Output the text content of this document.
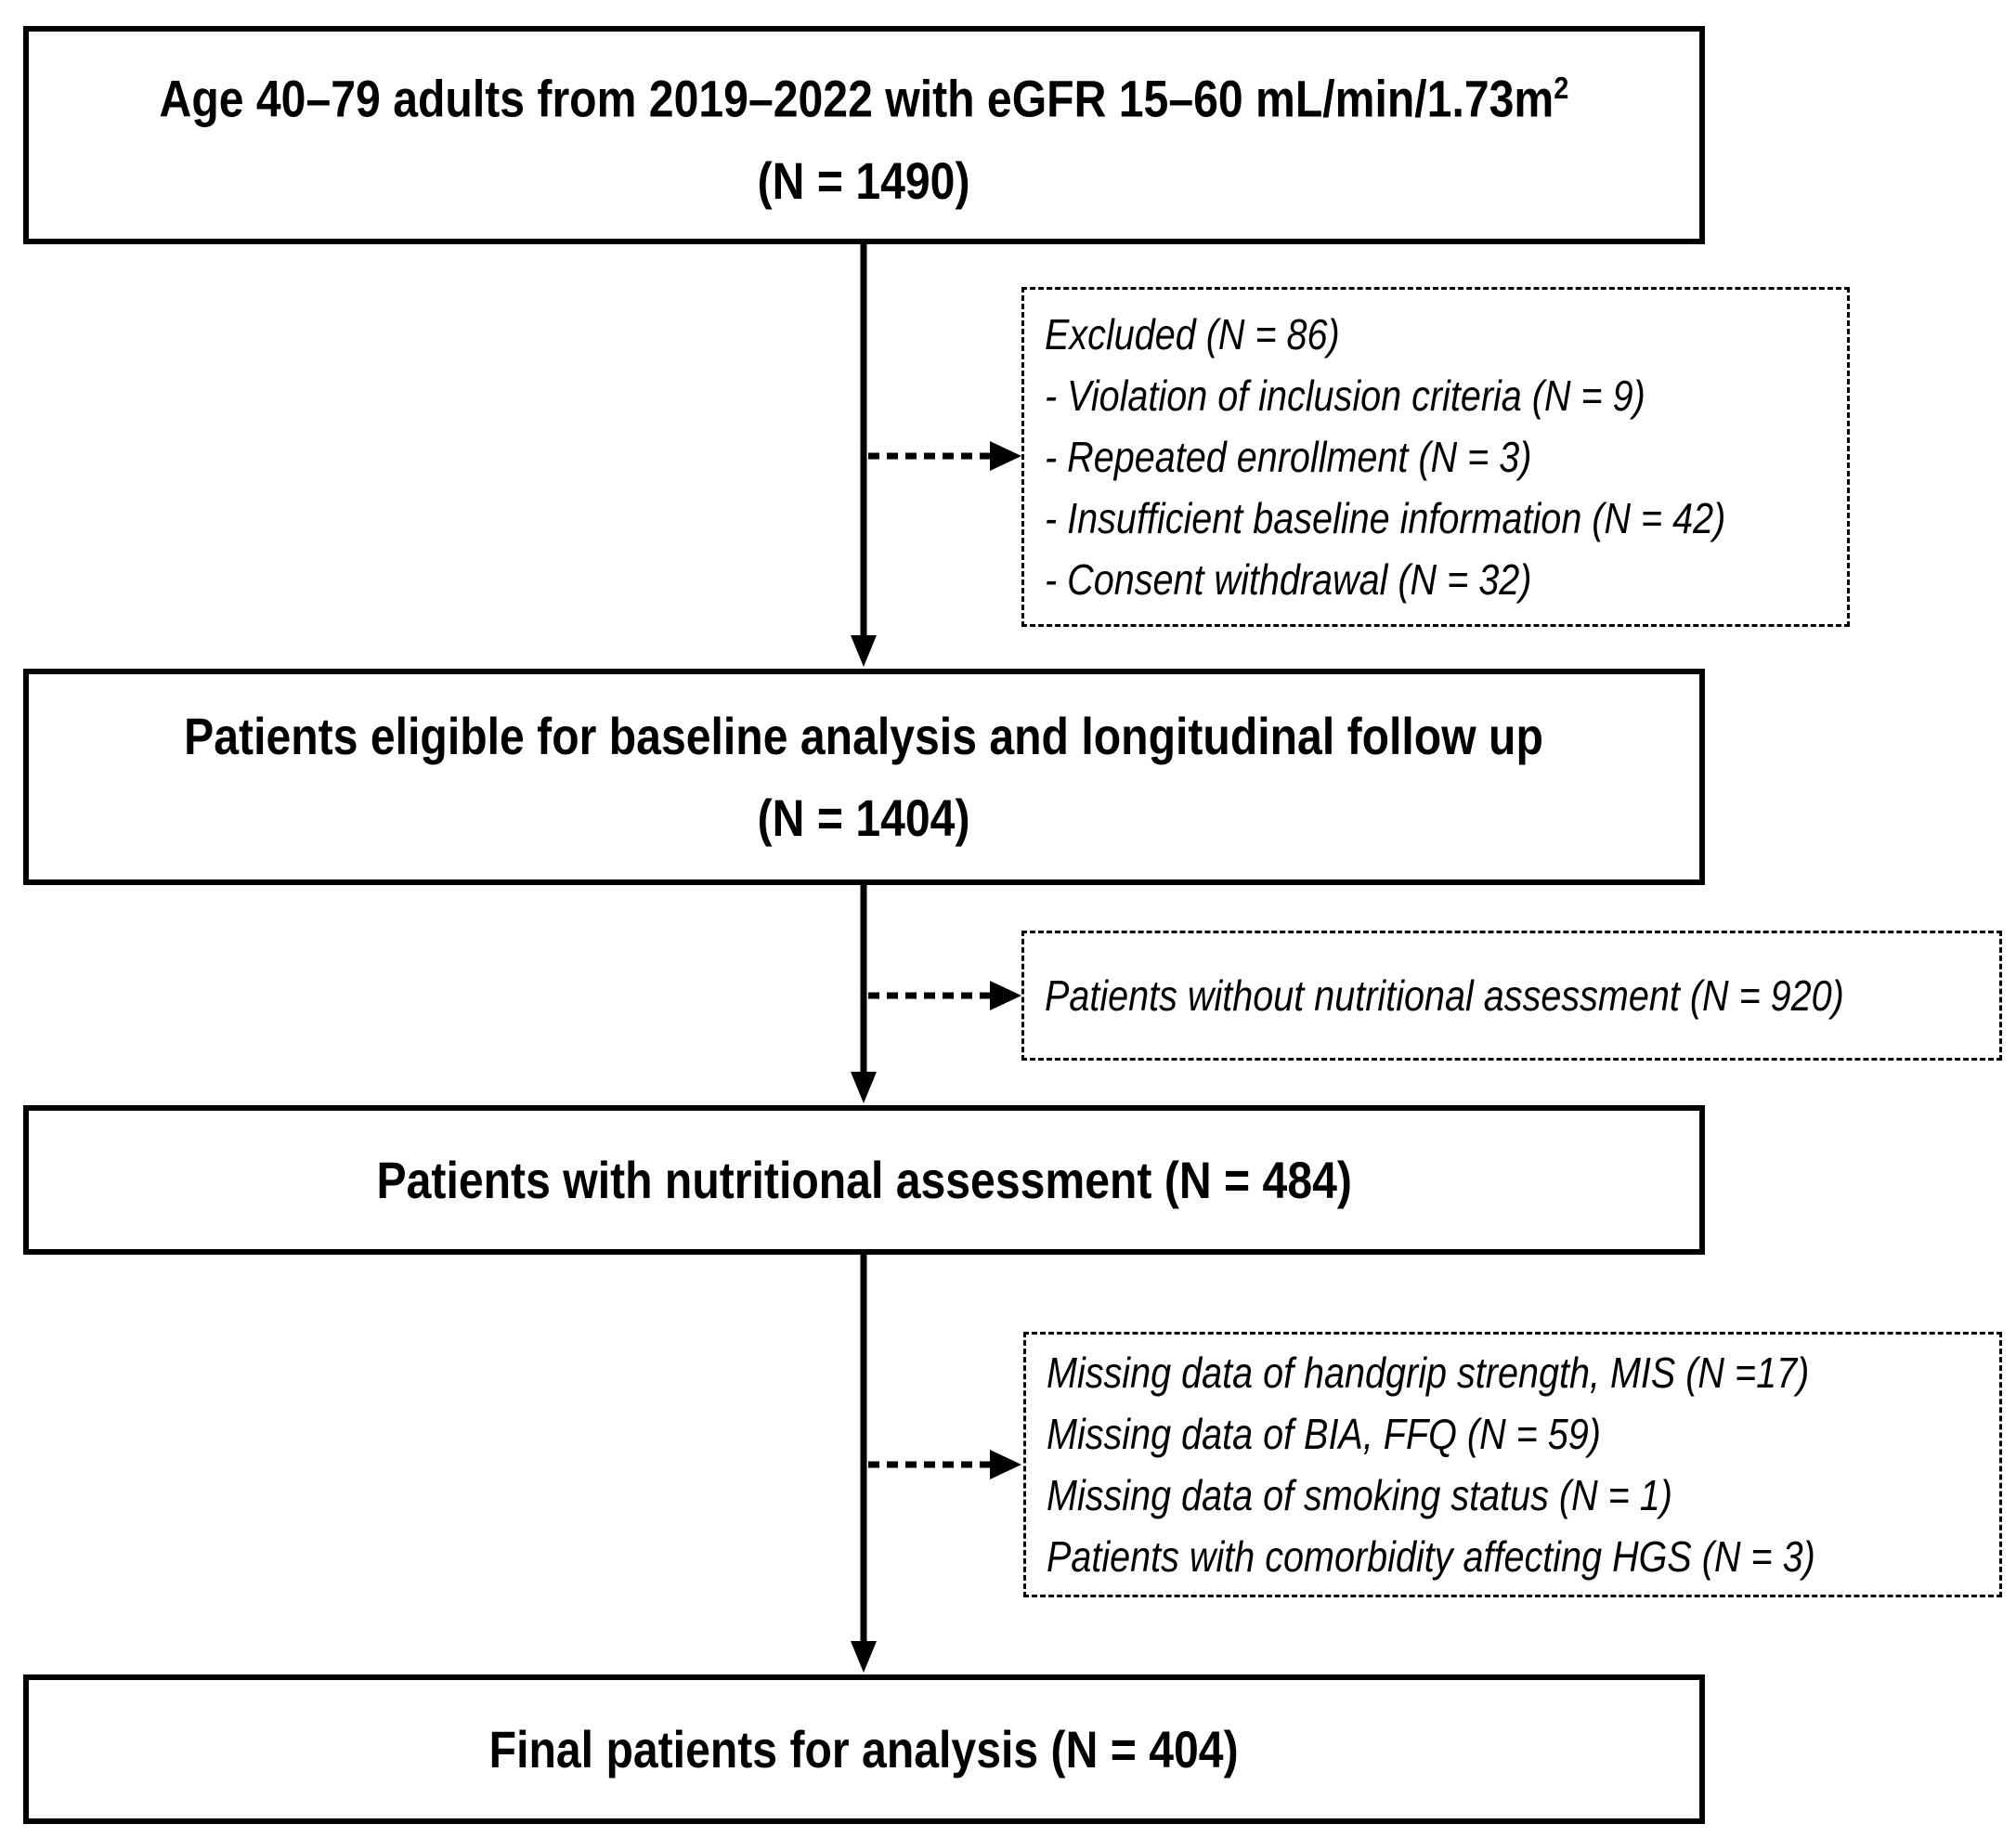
Age 40–79 adults from 2019–2022 with eGFR 15–60 $mL/\min/1.73m^2$
(N = 1490)
Excluded (N = 86)
- Violation of inclusion criteria (N = 9)
- Repeated enrollment (N = 3)
- Insufficient baseline information (N = 42)
- Consent withdrawal (N = 32)
Patients eligible for baseline analysis and longitudinal follow up
(N = 1404)
Patients without nutritional assessment (N = 920)
Patients with nutritional assessment (N = 484)
Missing data of handgrip strength, MIS (N =17)
Missing data of BIA, FFQ (N = 59)
Missing data of smoking status (N = 1)
Patients with comorbidity affecting HGS (N = 3)
Final patients for analysis (N = 404)
